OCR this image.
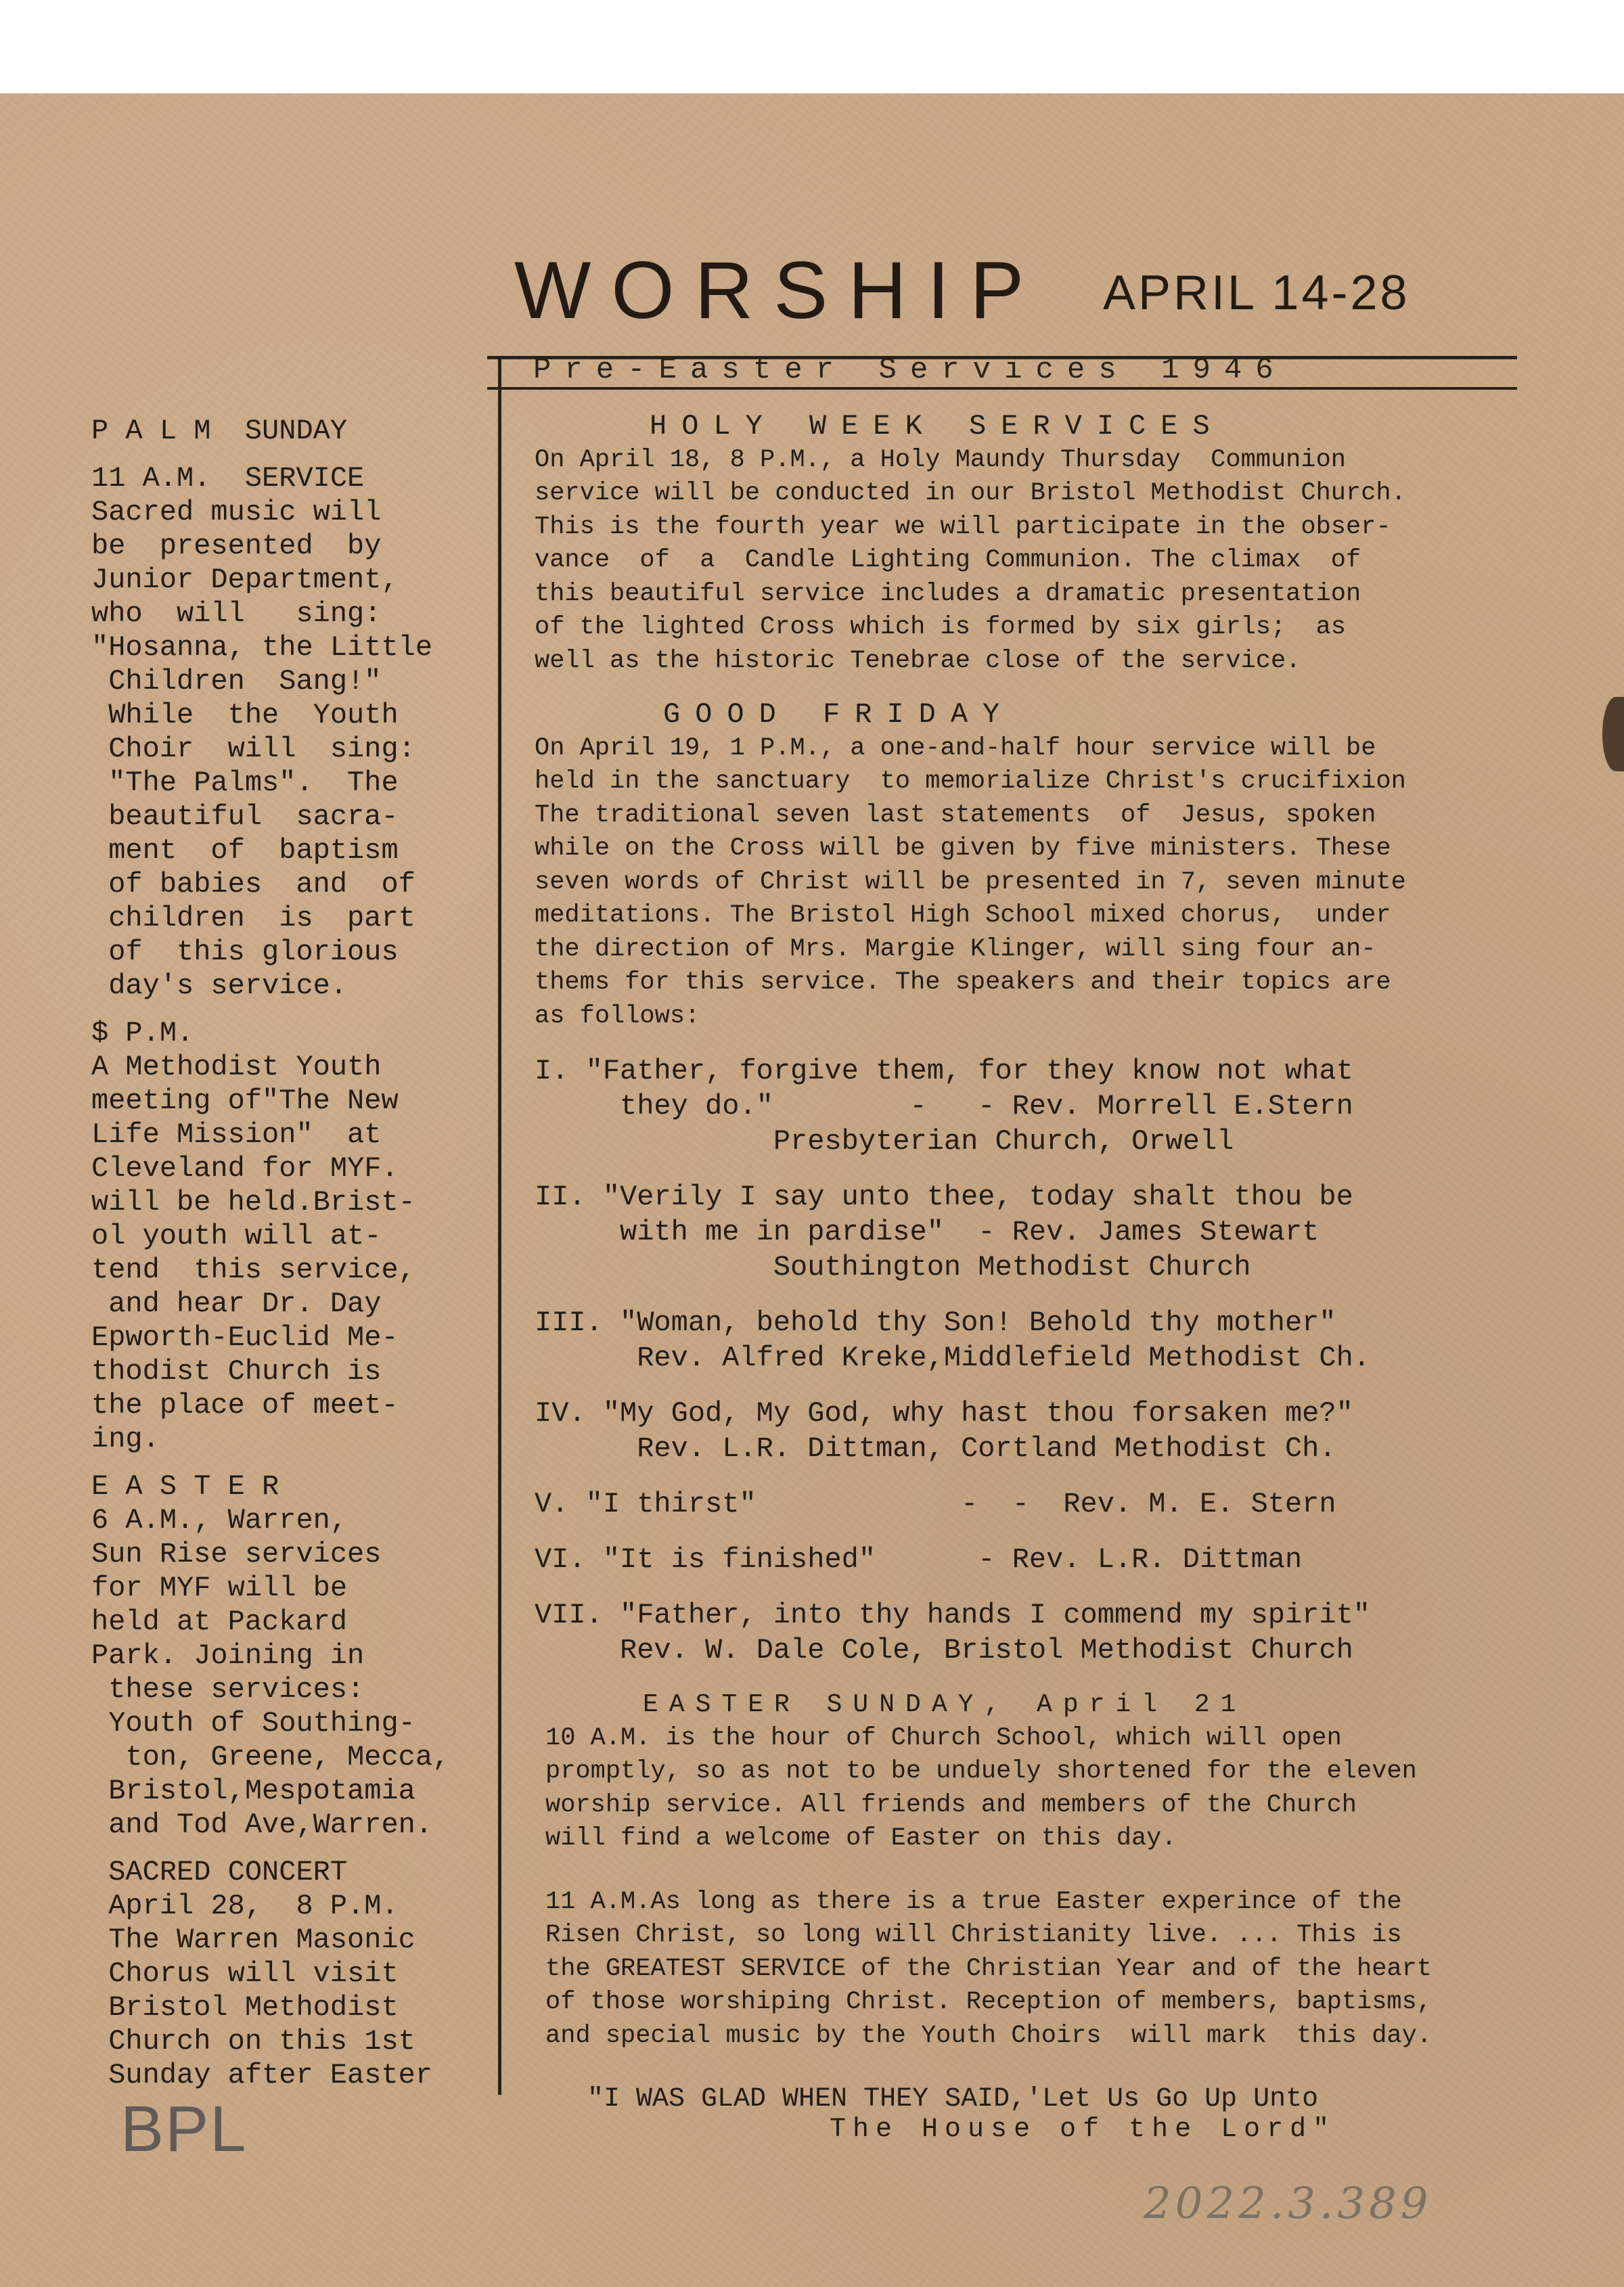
WORSHIP APRIL 14-28
Pre-Easter Services 1946
P A L M  SUNDAY
11 A.M.  SERVICE
Sacred music will
be  presented  by
Junior Department,
who  will   sing:
"Hosanna, the Little
Children  Sang!"
While  the  Youth
Choir  will  sing:
"The Palms".  The
beautiful  sacra-
ment  of  baptism
of babies  and  of
children  is  part
of  this glorious
day's service.
$ P.M.
A Methodist Youth
meeting of"The New
Life Mission"  at
Cleveland for MYF.
will be held.Brist-
ol youth will at-
tend  this service,
and hear Dr. Day
Epworth-Euclid Me-
thodist Church is
the place of meet-
ing.
E A S T E R
6 A.M., Warren,
Sun Rise services
for MYF will be
held at Packard
Park. Joining in
these services:
Youth of Southing-
ton, Greene, Mecca,
Bristol,Mespotamia
and Tod Ave,Warren.
SACRED CONCERT
April 28,  8 P.M.
The Warren Masonic
Chorus will visit
Bristol Methodist
Church on this 1st
Sunday after Easter
HOLY WEEK SERVICES
On April 18, 8 P.M., a Holy Maundy Thursday  Communion
service will be conducted in our Bristol Methodist Church.
This is the fourth year we will participate in the obser-
vance  of  a  Candle Lighting Communion. The climax  of
this beautiful service includes a dramatic presentation
of the lighted Cross which is formed by six girls;  as
well as the historic Tenebrae close of the service.
GOOD FRIDAY
On April 19, 1 P.M., a one-and-half hour service will be
held in the sanctuary  to memorialize Christ's crucifixion
The traditional seven last statements  of  Jesus, spoken
while on the Cross will be given by five ministers. These
seven words of Christ will be presented in 7, seven minute
meditations. The Bristol High School mixed chorus,  under
the direction of Mrs. Margie Klinger, will sing four an-
thems for this service. The speakers and their topics are
as follows:
I. "Father, forgive them, for they know not what
they do."        -   - Rev. Morrell E.Stern
Presbyterian Church, Orwell
II. "Verily I say unto thee, today shalt thou be
with me in pardise"  - Rev. James Stewart
Southington Methodist Church
III. "Woman, behold thy Son! Behold thy mother"
Rev. Alfred Kreke,Middlefield Methodist Ch.
IV. "My God, My God, why hast thou forsaken me?"
Rev. L.R. Dittman, Cortland Methodist Ch.
V. "I thirst"            -  -  Rev. M. E. Stern
VI. "It is finished"      - Rev. L.R. Dittman
VII. "Father, into thy hands I commend my spirit"
Rev. W. Dale Cole, Bristol Methodist Church
EASTER SUNDAY, April 21
10 A.M. is the hour of Church School, which will open
promptly, so as not to be unduely shortened for the eleven
worship service. All friends and members of the Church
will find a welcome of Easter on this day.
11 A.M.As long as there is a true Easter experince of the
Risen Christ, so long will Christianity live. ... This is
the GREATEST SERVICE of the Christian Year and of the heart
of those worshiping Christ. Reception of members, baptisms,
and special music by the Youth Choirs  will mark  this day.
"I WAS GLAD WHEN THEY SAID,'Let Us Go Up Unto
The House of the Lord"
BPL
2022.3.389
